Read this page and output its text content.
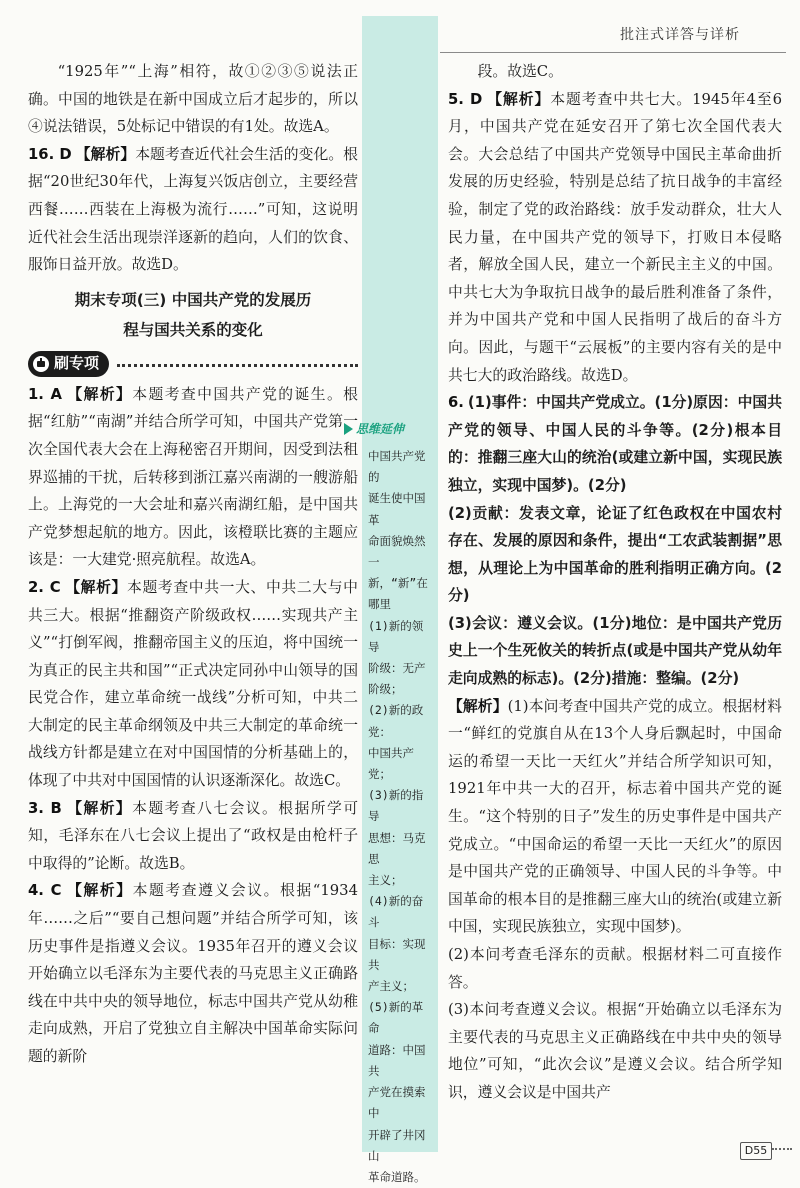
批注式详答与详析

“1925年”“上海”相符，故①②③⑤说法正确。中国的地铁是在新中国成立后才起步的，所以④说法错误，5处标记中错误的有1处。故选A。

16. D 【解析】本题考查近代社会生活的变化。根据“20世纪30年代，上海复兴饭店创立，主要经营西餐……西装在上海极为流行……”可知，这说明近代社会生活出现崇洋逐新的趋向，人们的饮食、服饰日益开放。故选D。

期末专项(三) 中国共产党的发展历
程与国共关系的变化
刷专项

1. A 【解析】本题考查中国共产党的诞生。根据“红舫”“南湖”并结合所学可知，中国共产党第一次全国代表大会在上海秘密召开期间，因受到法租界巡捕的干扰，后转移到浙江嘉兴南湖的一艘游船上。上海党的一大会址和嘉兴南湖红船，是中国共产党梦想起航的地方。因此，该橙联比赛的主题应该是：一大建党·照亮航程。故选A。

2. C 【解析】本题考查中共一大、中共二大与中共三大。根据“推翻资产阶级政权……实现共产主义”“打倒军阀，推翻帝国主义的压迫，将中国统一为真正的民主共和国”“正式决定同孙中山领导的国民党合作，建立革命统一战线”分析可知，中共二大制定的民主革命纲领及中共三大制定的革命统一战线方针都是建立在对中国国情的分析基础上的，体现了中共对中国国情的认识逐渐深化。故选C。

3. B 【解析】本题考查八七会议。根据所学可知，毛泽东在八七会议上提出了“政权是由枪杆子中取得的”论断。故选B。

4. C 【解析】本题考查遵义会议。根据“1934年……之后”“要自己想问题”并结合所学可知，该历史事件是指遵义会议。1935年召开的遵义会议开始确立以毛泽东为主要代表的马克思主义正确路线在中共中央的领导地位，标志中国共产党从幼稚走向成熟，开启了党独立自主解决中国革命实际问题的新阶

思维延伸

中国共产党的

诞生使中国革

命面貌焕然一

新，“新”在

哪里

(1)新的领导

阶级：无产

阶级；

(2)新的政党：

中国共产党；

(3)新的指导

思想：马克思

主义；

(4)新的奋斗

目标：实现共

产主义；

(5)新的革命

道路：中国共

产党在摸索中

开辟了井冈山

革命道路。

段。故选C。

5. D 【解析】本题考查中共七大。1945年4至6月，中国共产党在延安召开了第七次全国代表大会。大会总结了中国共产党领导中国民主革命曲折发展的历史经验，特别是总结了抗日战争的丰富经验，制定了党的政治路线：放手发动群众，壮大人民力量，在中国共产党的领导下，打败日本侵略者，解放全国人民，建立一个新民主主义的中国。中共七大为争取抗日战争的最后胜利准备了条件，并为中国共产党和中国人民指明了战后的奋斗方向。因此，与题干“云展板”的主要内容有关的是中共七大的政治路线。故选D。

6. (1)事件：中国共产党成立。(1分)原因：中国共产党的领导、中国人民的斗争等。(2分)根本目的：推翻三座大山的统治(或建立新中国，实现民族独立，实现中国梦)。(2分)

(2)贡献：发表文章，论证了红色政权在中国农村存在、发展的原因和条件，提出“工农武装割据”思想，从理论上为中国革命的胜利指明正确方向。(2分)

(3)会议：遵义会议。(1分)地位：是中国共产党历史上一个生死攸关的转折点(或是中国共产党从幼年走向成熟的标志)。(2分)措施：整编。(2分)

【解析】(1)本问考查中国共产党的成立。根据材料一“鲜红的党旗自从在13个人身后飘起时，中国命运的希望一天比一天红火”并结合所学知识可知，1921年中共一大的召开，标志着中国共产党的诞生。“这个特别的日子”发生的历史事件是中国共产党成立。“中国命运的希望一天比一天红火”的原因是中国共产党的正确领导、中国人民的斗争等。中国革命的根本目的是推翻三座大山的统治(或建立新中国，实现民族独立，实现中国梦)。

(2)本问考查毛泽东的贡献。根据材料二可直接作答。

(3)本问考查遵义会议。根据“开始确立以毛泽东为主要代表的马克思主义正确路线在中共中央的领导地位”可知，“此次会议”是遵义会议。结合所学知识，遵义会议是中国共产

D55
